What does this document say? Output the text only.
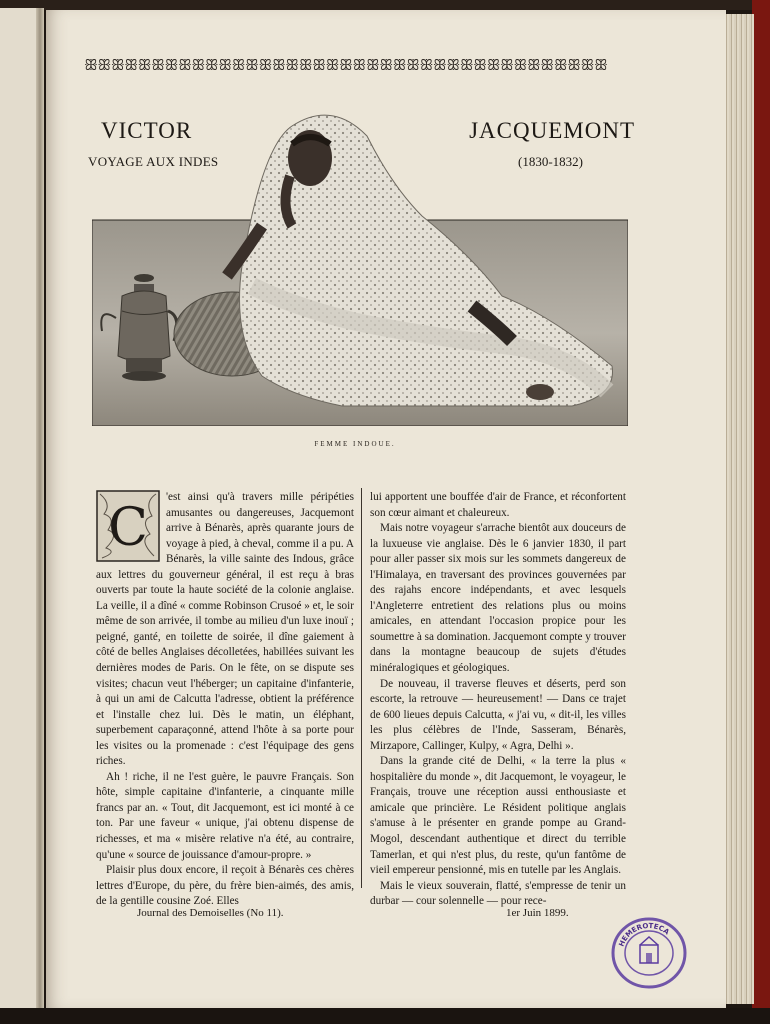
ꕥꕥꕥꕥꕥꕥꕥꕥꕥꕥꕥꕥꕥꕥꕥꕥꕥꕥꕥꕥꕥꕥꕥꕥꕥꕥꕥꕥꕥꕥꕥꕥꕥꕥꕥꕥꕥꕥꕥ
VICTOR	JACQUEMONT
VOYAGE AUX INDES	(1830-1832)
FEMME INDOUE.
C

'est ainsi qu'à travers mille péripéties amusantes ou dangereuses, Jacquemont arrive à Bénarès, après quarante jours de voyage à pied, à cheval, comme il a pu. A Bénarès, la ville sainte des Indous, grâce aux lettres du gouverneur général, il est reçu à bras ouverts par toute la haute société de la colonie anglaise. La veille, il a dîné « comme Robinson Crusoé » et, le soir même de son arrivée, il tombe au milieu d'un luxe inouï ; peigné, ganté, en toilette de soirée, il dîne gaiement à côté de belles Anglaises décolletées, habillées suivant les dernières modes de Paris. On le fête, on se dispute ses visites; chacun veut l'héberger; un capitaine d'infanterie, à qui un ami de Calcutta l'adresse, obtient la préférence et l'installe chez lui. Dès le matin, un éléphant, superbement caparaçonné, attend l'hôte à sa porte pour les visites ou la promenade : c'est l'équipage des gens riches.

Ah ! riche, il ne l'est guère, le pauvre Français. Son hôte, simple capitaine d'infanterie, a cinquante mille francs par an. « Tout, dit Jacquemont, est ici monté à ce ton. Par une faveur « unique, j'ai obtenu dispense de richesses, et ma « misère relative n'a été, au contraire, qu'une « source de jouissance d'amour-propre. »

Plaisir plus doux encore, il reçoit à Bénarès ces chères lettres d'Europe, du père, du frère bien-aimés, des amis, de la gentille cousine Zoé. Elles

lui apportent une bouffée d'air de France, et réconfortent son cœur aimant et chaleureux.

Mais notre voyageur s'arrache bientôt aux douceurs de la luxueuse vie anglaise. Dès le 6 janvier 1830, il part pour aller passer six mois sur les sommets dangereux de l'Himalaya, en traversant des provinces gouvernées par des rajahs encore indépendants, et avec lesquels l'Angleterre entretient des relations plus ou moins amicales, en attendant l'occasion propice pour les soumettre à sa domination. Jacquemont compte y trouver dans la montagne beaucoup de sujets d'études minéralogiques et géologiques.

De nouveau, il traverse fleuves et déserts, perd son escorte, la retrouve — heureusement! — Dans ce trajet de 600 lieues depuis Calcutta, « j'ai vu, « dit-il, les villes les plus célèbres de l'Inde, Sasseram, Bénarès, Mirzapore, Callinger, Kulpy, « Agra, Delhi ».

Dans la grande cité de Delhi, « la terre la plus « hospitalière du monde », dit Jacquemont, le voyageur, le Français, trouve une réception aussi enthousiaste et amicale que princière. Le Résident politique anglais s'amuse à le présenter en grande pompe au Grand-Mogol, descendant authentique et direct du terrible Tamerlan, et qui n'est plus, du reste, qu'un fantôme de vieil empereur pensionné, mis en tutelle par les Anglais.

Mais le vieux souverain, flatté, s'empresse de tenir un durbar — cour solennelle — pour rece-

Journal des Demoiselles (No 11).	1er Juin 1899.
HEMEROTECA
